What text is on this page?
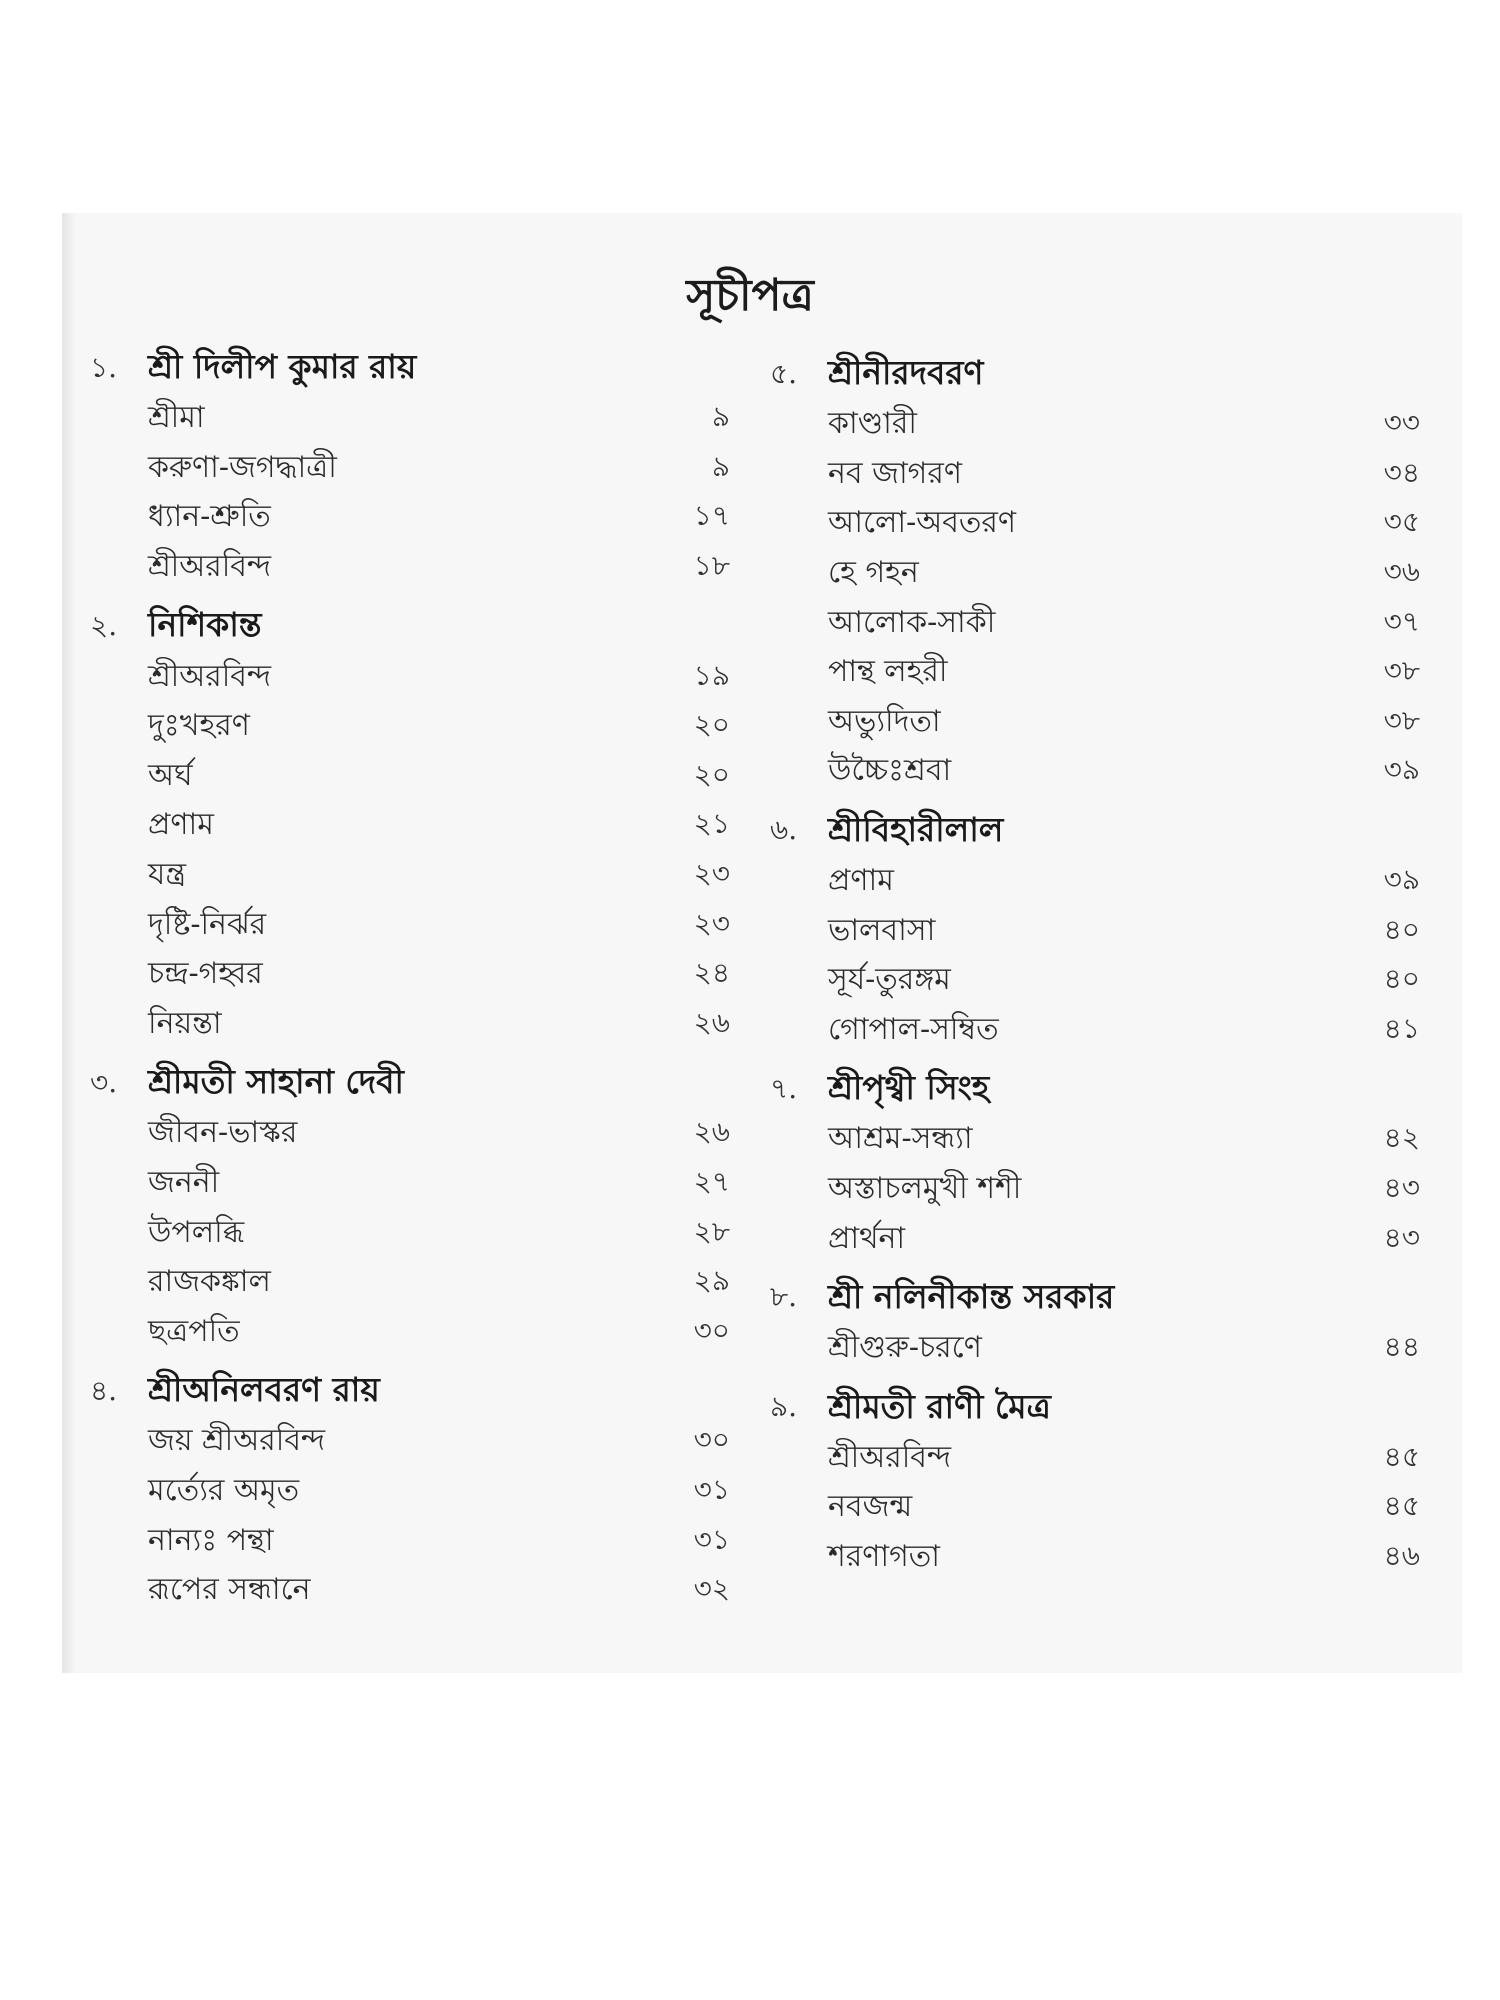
সূচীপত্র
১. শ্রী দিলীপ কুমার রায়
শ্রীমা	৯
করুণা-জগদ্ধাত্রী	৯
ধ্যান-শ্রুতি	১৭
শ্রীঅরবিন্দ	১৮
২. নিশিকান্ত
শ্রীঅরবিন্দ	১৯
দুঃখহরণ	২০
অর্ঘ	২০
প্রণাম	২১
যন্ত্র	২৩
দৃষ্টি-নির্ঝর	২৩
চন্দ্র-গহ্বর	২৪
নিয়ন্তা	২৬
৩. শ্রীমতী সাহানা দেবী
জীবন-ভাস্কর	২৬
জননী	২৭
উপলব্ধি	২৮
রাজকঙ্কাল	২৯
ছত্রপতি	৩০
৪. শ্রীঅনিলবরণ রায়
জয় শ্রীঅরবিন্দ	৩০
মর্ত্যের অমৃত	৩১
নান্যঃ পন্থা	৩১
রূপের সন্ধানে	৩২
৫. শ্রীনীরদবরণ
কাণ্ডারী	৩৩
নব জাগরণ	৩৪
আলো-অবতরণ	৩৫
হে গহন	৩৬
আলোক-সাকী	৩৭
পান্থ লহরী	৩৮
অভ্যুদিতা	৩৮
উচ্চৈঃশ্রবা	৩৯
৬. শ্রীবিহারীলাল
প্রণাম	৩৯
ভালবাসা	৪০
সূর্য-তুরঙ্গম	৪০
গোপাল-সম্বিত	৪১
৭. শ্রীপৃথ্বী সিংহ
আশ্রম-সন্ধ্যা	৪২
অস্তাচলমুখী শশী	৪৩
প্রার্থনা	৪৩
৮. শ্রী নলিনীকান্ত সরকার
শ্রীগুরু-চরণে	৪৪
৯. শ্রীমতী রাণী মৈত্র
শ্রীঅরবিন্দ	৪৫
নবজন্ম	৪৫
শরণাগতা	৪৬
